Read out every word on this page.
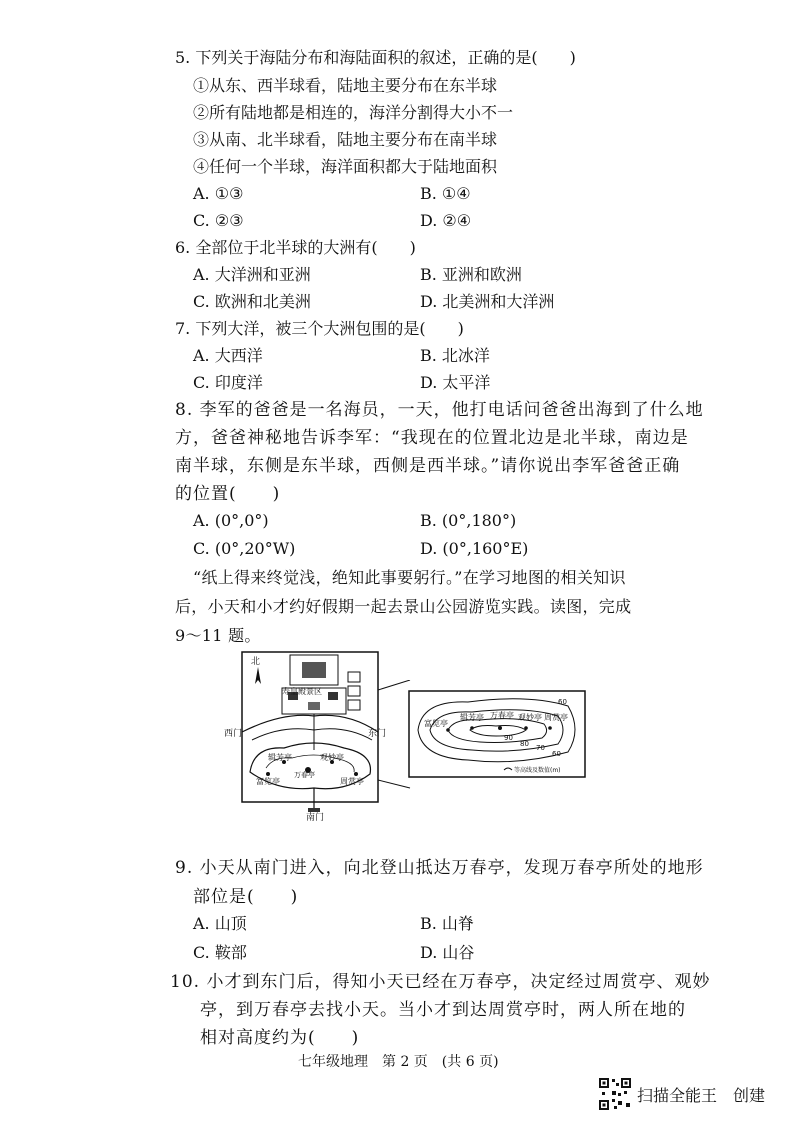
5. 下列关于海陆分布和海陆面积的叙述，正确的是(　　)
①从东、西半球看，陆地主要分布在东半球
②所有陆地都是相连的，海洋分割得大小不一
③从南、北半球看，陆地主要分布在南半球
④任何一个半球，海洋面积都大于陆地面积
A. ①③	B. ①④
C. ②③	D. ②④
6. 全部位于北半球的大洲有(　　)
A. 大洋洲和亚洲	B. 亚洲和欧洲
C. 欧洲和北美洲	D. 北美洲和大洋洲
7. 下列大洋，被三个大洲包围的是(　　)
A. 大西洋	B. 北冰洋
C. 印度洋	D. 太平洋
8. 李军的爸爸是一名海员，一天，他打电话问爸爸出海到了什么地
方，爸爸神秘地告诉李军：“我现在的位置北边是北半球，南边是
南半球，东侧是东半球，西侧是西半球。”请你说出李军爸爸正确
的位置(　　)
A. (0°,0°)	B. (0°,180°)
C. (0°,20°W)	D. (0°,160°E)
“纸上得来终觉浅，绝知此事要躬行。”在学习地图的相关知识
后，小天和小才约好假期一起去景山公园游览实践。读图，完成
9～11 题。
北
寿皇殿景区
辑芳亭	观妙亭
万春亭
富览亭	周赏亭
西门	东门
南门
富览亭
辑芳亭 万春亭 观妙亭 周赏亭
90
80 70
60
60
等高线及数值(m)
9. 小天从南门进入，向北登山抵达万春亭，发现万春亭所处的地形
部位是(　　)
A. 山顶	B. 山脊
C. 鞍部	D. 山谷
10. 小才到东门后，得知小天已经在万春亭，决定经过周赏亭、观妙
亭，到万春亭去找小天。当小才到达周赏亭时，两人所在地的
相对高度约为(　　)
七年级地理　第 2 页　(共 6 页)
扫描全能王　创建
